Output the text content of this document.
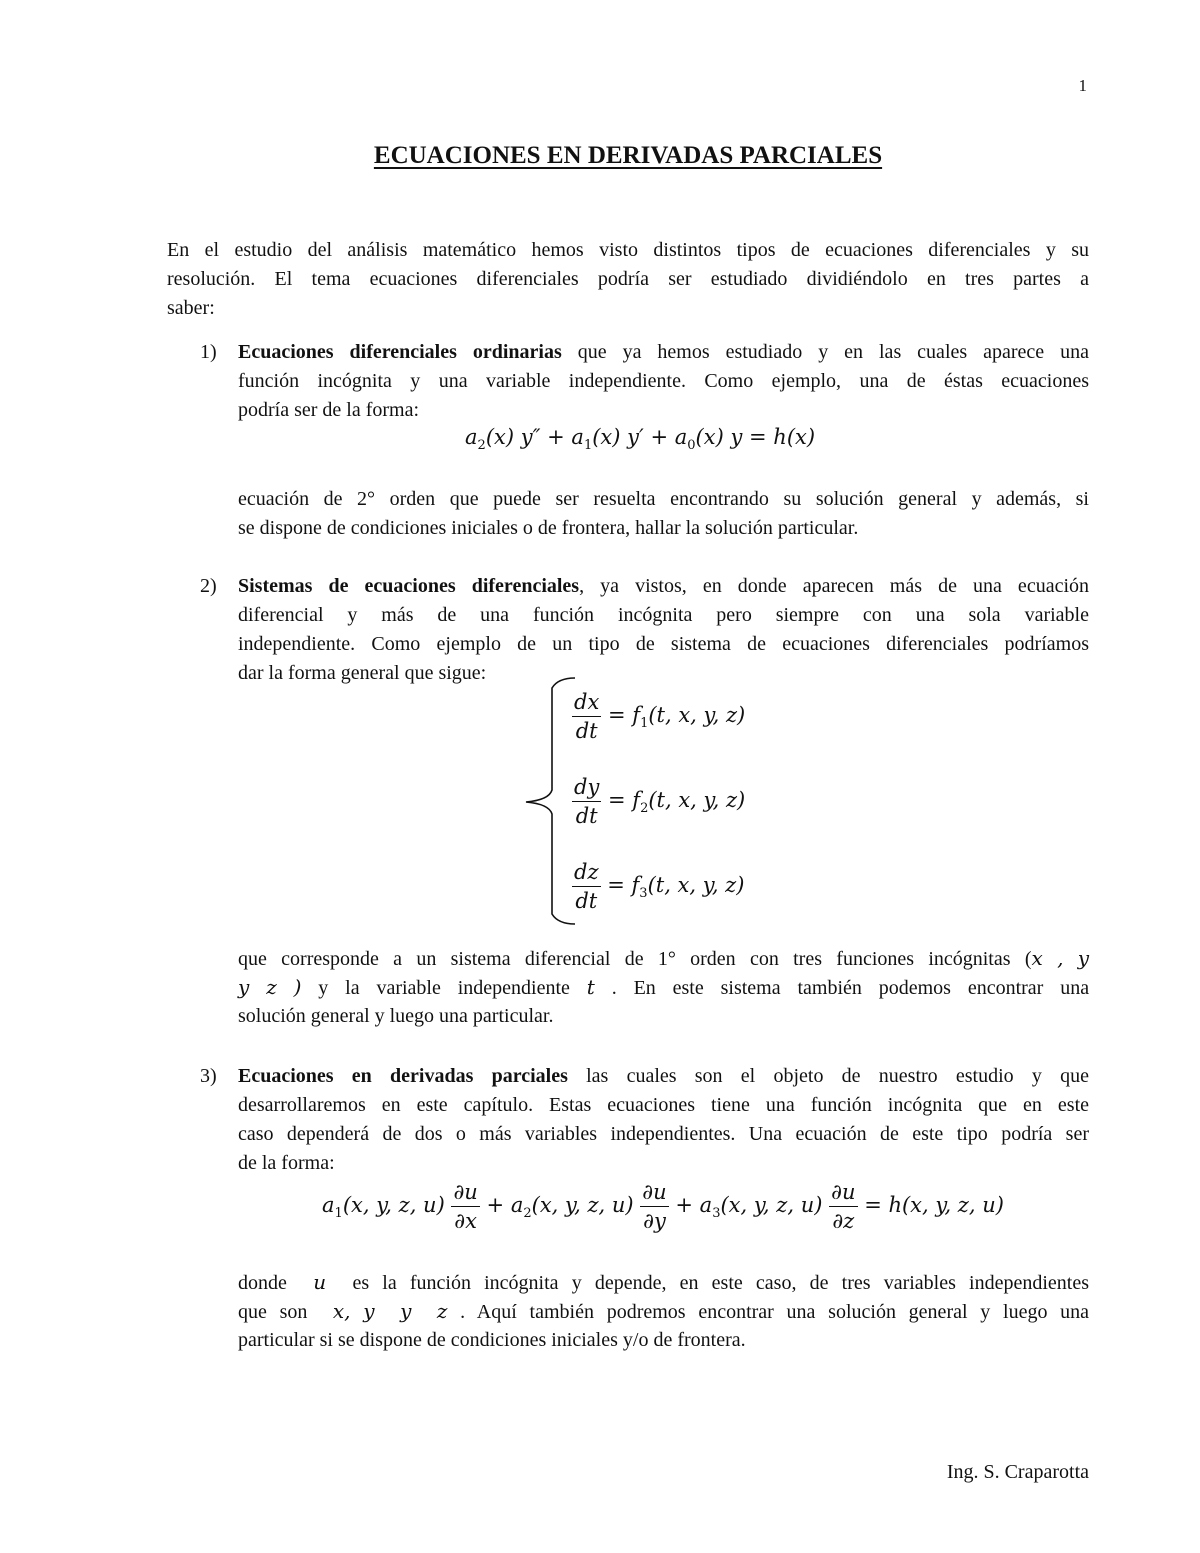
1
ECUACIONES EN DERIVADAS PARCIALES

En el estudio del análisis matemático hemos visto distintos tipos de ecuaciones diferenciales y su

resolución. El tema ecuaciones diferenciales podría ser estudiado dividiéndolo en tres partes a

saber:

1) Ecuaciones diferenciales ordinarias que ya hemos estudiado y en las cuales aparece una

función incógnita y una variable independiente. Como ejemplo, una de éstas ecuaciones

podría ser de la forma:

$a_2(x) y'' + a_1(x) y' + a_0(x) y = h(x)$

ecuación de 2° orden que puede ser resuelta encontrando su solución general y además, si

se dispone de condiciones iniciales o de frontera, hallar la solución particular.

2) Sistemas de ecuaciones diferenciales, ya vistos, en donde aparecen más de una ecuación

diferencial y más de una función incógnita pero siempre con una sola variable

independiente. Como ejemplo de un tipo de sistema de ecuaciones diferenciales podríamos

dar la forma general que sigue:

$\frac{dx}{dt} = f_1(t$, x, y, z)
$\frac{dy}{dt} = f_2(t$, x, y, z)
$\frac{dz}{dt} = f_3(t$, x, y, z)

que corresponde a un sistema diferencial de 1° orden con tres funciones incógnitas (x , y

y z ) y la variable independiente t . En este sistema también podemos encontrar una

solución general y luego una particular.

3) Ecuaciones en derivadas parciales las cuales son el objeto de nuestro estudio y que

desarrollaremos en este capítulo. Estas ecuaciones tiene una función incógnita que en este

caso dependerá de dos o más variables independientes. Una ecuación de este tipo podría ser

de la forma:

$a_1(x$, y, z, $u) \frac{\partial u}{\partial x} + a_2(x$, y, z, $u) \frac{\partial u}{\partial y} + a_3(x$, y, z, $u) \frac{\partial u}{\partial z} = h(x$, y, z, u)

donde u es la función incógnita y depende, en este caso, de tres variables independientes

que son x, y y z . Aquí también podremos encontrar una solución general y luego una

particular si se dispone de condiciones iniciales y/o de frontera.

Ing. S. Craparotta
